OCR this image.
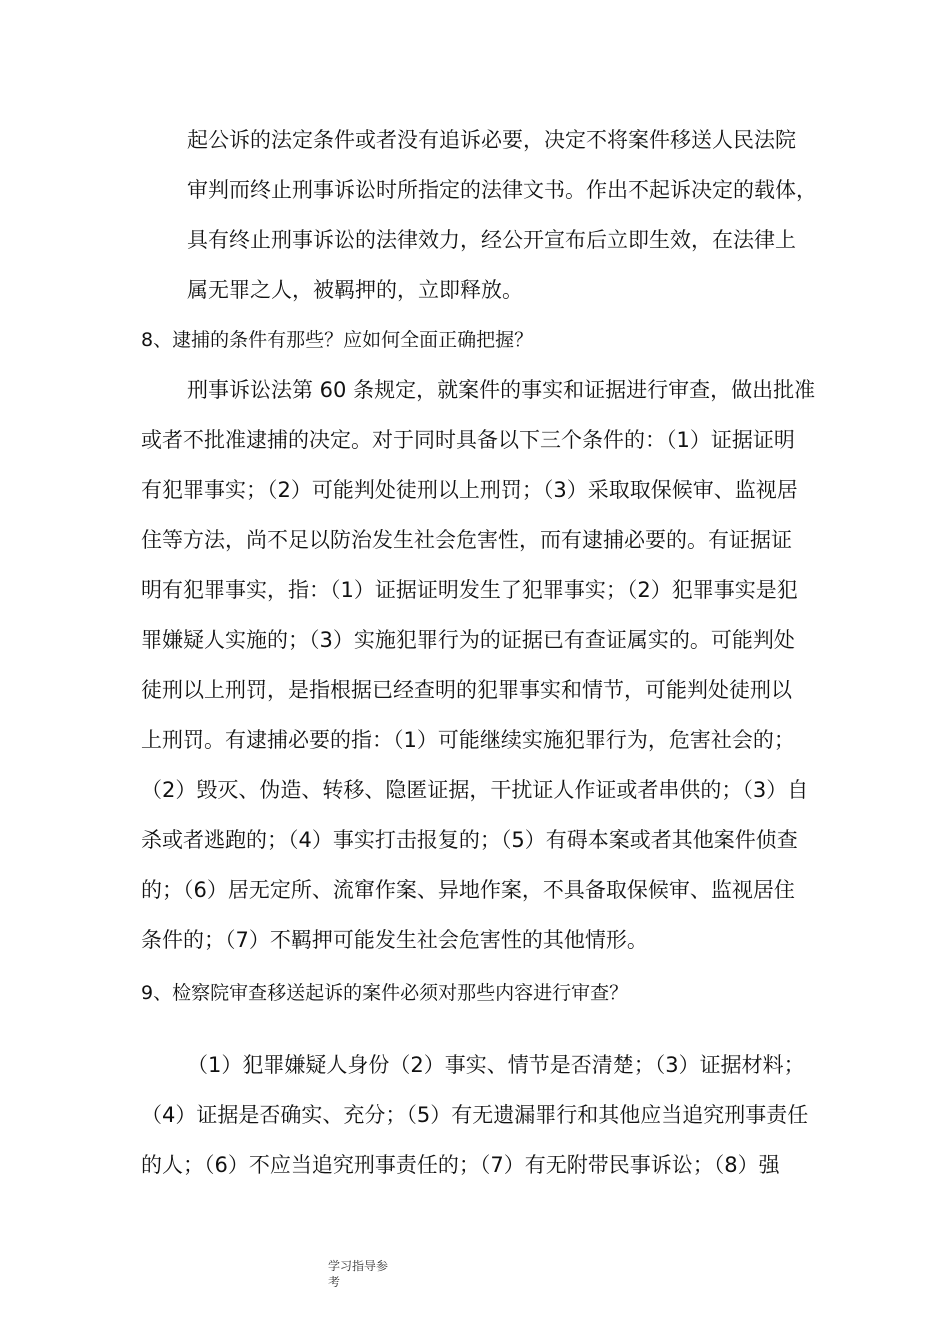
起公诉的法定条件或者没有追诉必要，决定不将案件移送人民法院
审判而终止刑事诉讼时所指定的法律文书。作出不起诉决定的载体，
具有终止刑事诉讼的法律效力，经公开宣布后立即生效，在法律上
属无罪之人，被羁押的，立即释放。
8、逮捕的条件有那些？应如何全面正确把握？
刑事诉讼法第 60 条规定，就案件的事实和证据进行审查，做出批准
或者不批准逮捕的决定。对于同时具备以下三个条件的：（1）证据证明
有犯罪事实；（2）可能判处徒刑以上刑罚；（3）采取取保候审、监视居
住等方法，尚不足以防治发生社会危害性，而有逮捕必要的。有证据证
明有犯罪事实，指：（1）证据证明发生了犯罪事实；（2）犯罪事实是犯
罪嫌疑人实施的；（3）实施犯罪行为的证据已有查证属实的。可能判处
徒刑以上刑罚，是指根据已经查明的犯罪事实和情节，可能判处徒刑以
上刑罚。有逮捕必要的指：（1）可能继续实施犯罪行为，危害社会的；
（2）毁灭、伪造、转移、隐匿证据，干扰证人作证或者串供的；（3）自
杀或者逃跑的；（4）事实打击报复的；（5）有碍本案或者其他案件侦查
的；（6）居无定所、流窜作案、异地作案，不具备取保候审、监视居住
条件的；（7）不羁押可能发生社会危害性的其他情形。
9、检察院审查移送起诉的案件必须对那些内容进行审查？
（1）犯罪嫌疑人身份（2）事实、情节是否清楚；（3）证据材料；
（4）证据是否确实、充分；（5）有无遗漏罪行和其他应当追究刑事责任
的人；（6）不应当追究刑事责任的；（7）有无附带民事诉讼；（8）强
学习指导参
考
